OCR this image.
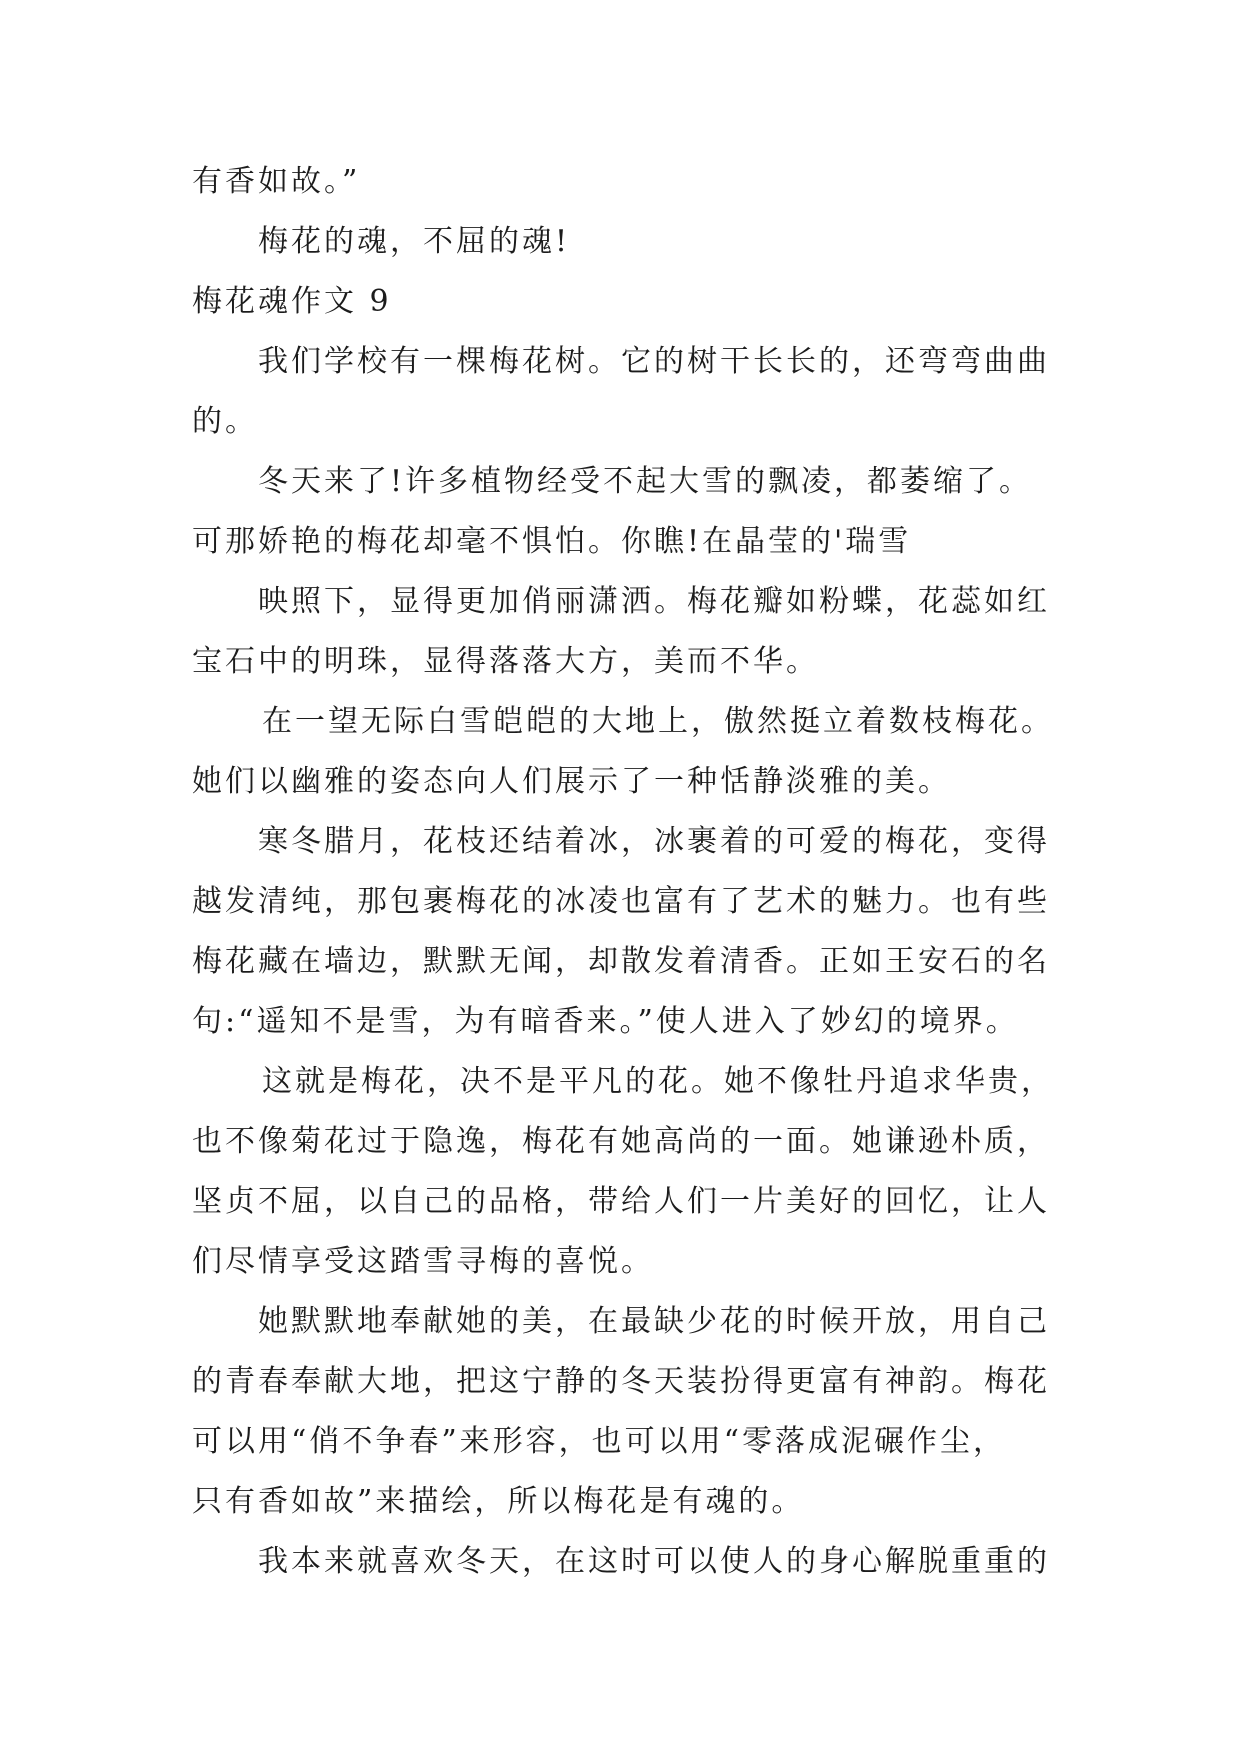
有香如故。”
梅花的魂，不屈的魂!
梅花魂作文 9
我们学校有一棵梅花树。它的树干长长的，还弯弯曲曲
的。
冬天来了!许多植物经受不起大雪的飘凌，都萎缩了。
可那娇艳的梅花却毫不惧怕。你瞧!在晶莹的'瑞雪
映照下，显得更加俏丽潇洒。梅花瓣如粉蝶，花蕊如红
宝石中的明珠，显得落落大方，美而不华。
在一望无际白雪皑皑的大地上，傲然挺立着数枝梅花。
她们以幽雅的姿态向人们展示了一种恬静淡雅的美。
寒冬腊月，花枝还结着冰，冰裹着的可爱的梅花，变得
越发清纯，那包裹梅花的冰凌也富有了艺术的魅力。也有些
梅花藏在墙边，默默无闻，却散发着清香。正如王安石的名
句:“遥知不是雪，为有暗香来。”使人进入了妙幻的境界。
这就是梅花，决不是平凡的花。她不像牡丹追求华贵，
也不像菊花过于隐逸，梅花有她高尚的一面。她谦逊朴质，
坚贞不屈，以自己的品格，带给人们一片美好的回忆，让人
们尽情享受这踏雪寻梅的喜悦。
她默默地奉献她的美，在最缺少花的时候开放，用自己
的青春奉献大地，把这宁静的冬天装扮得更富有神韵。梅花
可以用“俏不争春”来形容，也可以用“零落成泥碾作尘，
只有香如故”来描绘，所以梅花是有魂的。
我本来就喜欢冬天，在这时可以使人的身心解脱重重的
